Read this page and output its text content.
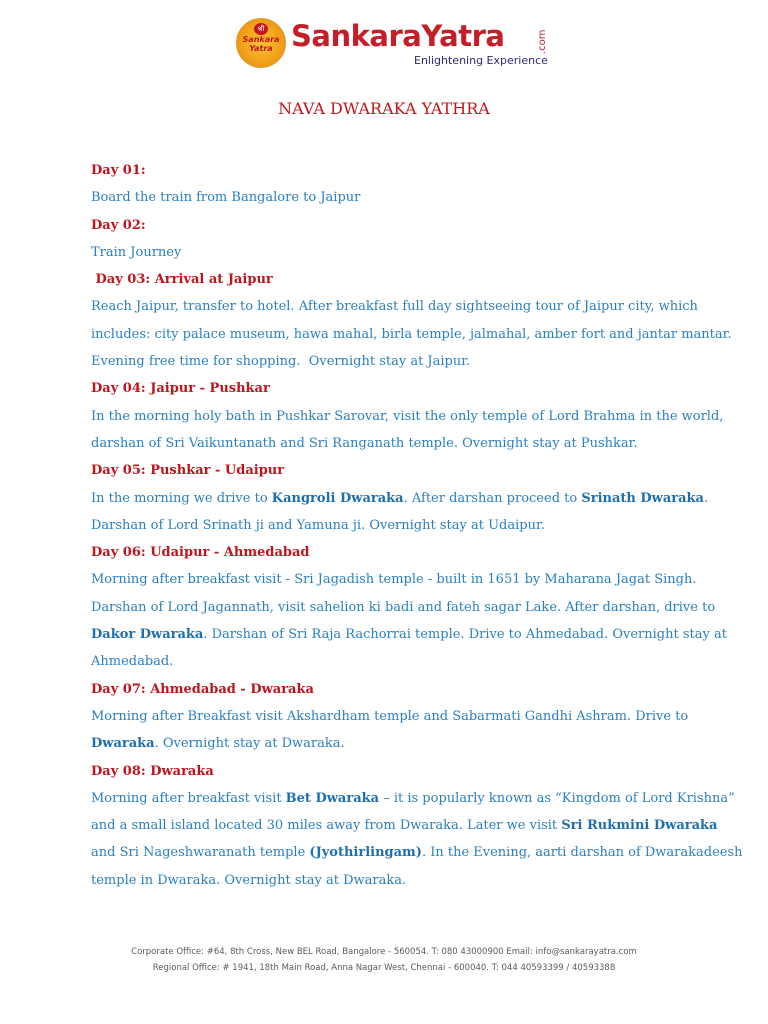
श्री
Sankara
Yatra SankaraYatra	.com
Enlightening Experience
NAVA DWARAKA YATHRA
Day 01:
Board the train from Bangalore to Jaipur
Day 02:
Train Journey
Day 03: Arrival at Jaipur
Reach Jaipur, transfer to hotel. After breakfast full day sightseeing tour of Jaipur city, which
includes: city palace museum, hawa mahal, birla temple, jalmahal, amber fort and jantar mantar.
Evening free time for shopping.  Overnight stay at Jaipur.
Day 04: Jaipur - Pushkar
In the morning holy bath in Pushkar Sarovar, visit the only temple of Lord Brahma in the world,
darshan of Sri Vaikuntanath and Sri Ranganath temple. Overnight stay at Pushkar.
Day 05: Pushkar - Udaipur
In the morning we drive to Kangroli Dwaraka. After darshan proceed to Srinath Dwaraka.
Darshan of Lord Srinath ji and Yamuna ji. Overnight stay at Udaipur.
Day 06: Udaipur - Ahmedabad
Morning after breakfast visit - Sri Jagadish temple - built in 1651 by Maharana Jagat Singh.
Darshan of Lord Jagannath, visit sahelion ki badi and fateh sagar Lake. After darshan, drive to
Dakor Dwaraka. Darshan of Sri Raja Rachorrai temple. Drive to Ahmedabad. Overnight stay at
Ahmedabad.
Day 07: Ahmedabad - Dwaraka
Morning after Breakfast visit Akshardham temple and Sabarmati Gandhi Ashram. Drive to
Dwaraka. Overnight stay at Dwaraka.
Day 08: Dwaraka
Morning after breakfast visit Bet Dwaraka – it is popularly known as “Kingdom of Lord Krishna”
and a small island located 30 miles away from Dwaraka. Later we visit Sri Rukmini Dwaraka
and Sri Nageshwaranath temple (Jyothirlingam). In the Evening, aarti darshan of Dwarakadeesh
temple in Dwaraka. Overnight stay at Dwaraka.
Corporate Office: #64, 8th Cross, New BEL Road, Bangalore - 560054. T: 080 43000900 Email: info@sankarayatra.com
Regional Office: # 1941, 18th Main Road, Anna Nagar West, Chennai - 600040. T: 044 40593399 / 40593388
